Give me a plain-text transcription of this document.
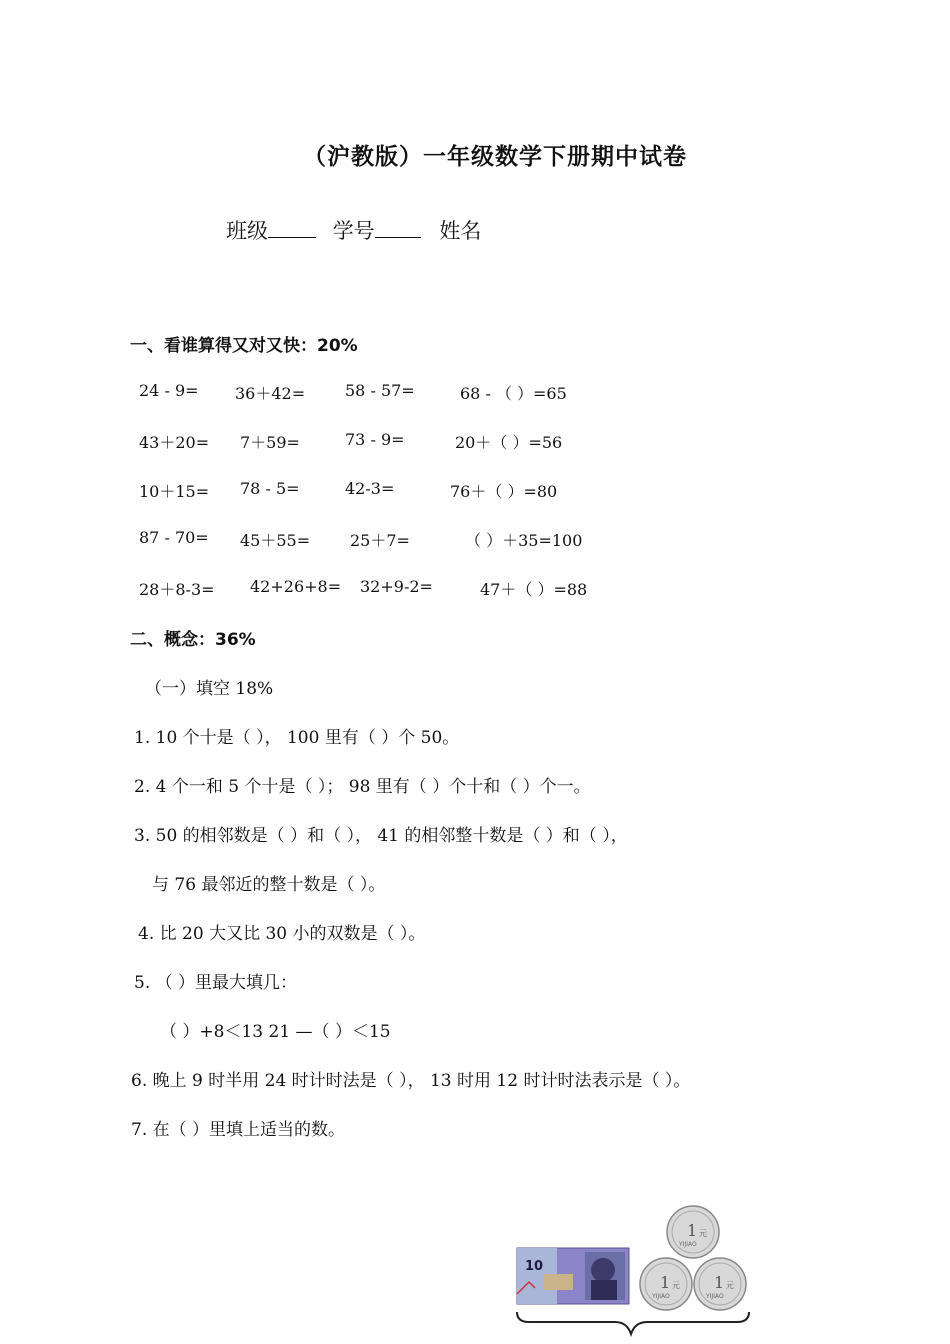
（沪教版）一年级数学下册期中试卷
班级	学号	姓名
一、看谁算得又对又快：20%
24 - 9= 36＋42= 58 - 57=	68 - （ ）=65
43＋20= 7＋59=	73 - 9=	20＋（ ）=56
10＋15= 78 - 5=	42-3=	76＋（ ）=80
87 - 70= 45＋55= 25＋7=	（ ）＋35=100
28＋8-3= 42+26+8= 32+9-2=	47＋（ ）=88
二、概念：36%
（一）填空 18%
1. 10 个十是（ ）， 100 里有（ ）个 50。
2. 4 个一和 5 个十是（ ）； 98 里有（ ）个十和（ ）个一。
3. 50 的相邻数是（ ）和（ ）， 41 的相邻整十数是（ ）和（ ），
与 76 最邻近的整十数是（ ）。
4. 比 20 大又比 30 小的双数是（ ）。
5. （ ）里最大填几：
（ ）+8＜13 21 —（ ）＜15
6. 晚上 9 时半用 24 时计时法是（ ）， 13 时用 12 时计时法表示是（ ）。
7. 在（ ）里填上适当的数。
10
1 元
YIJIAO
1 元
YIJIAO
1 元
YIJIAO
